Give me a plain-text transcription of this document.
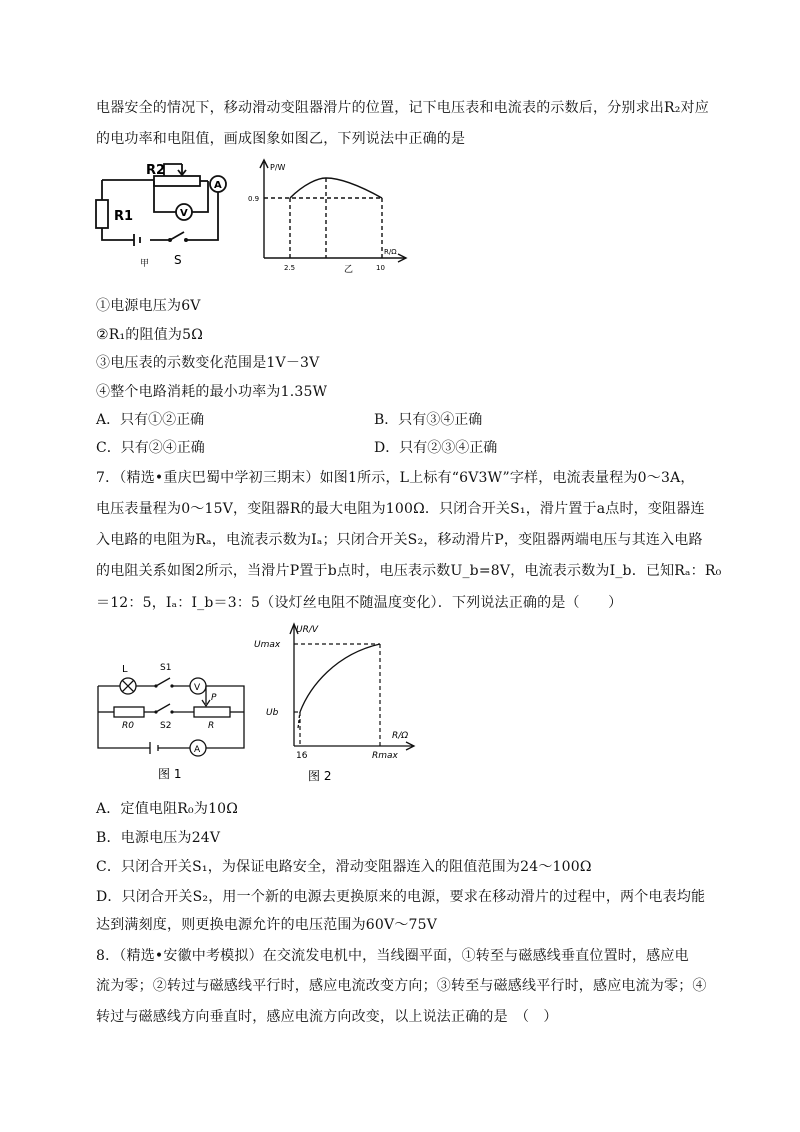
电器安全的情况下，移动滑动变阻器滑片的位置，记下电压表和电流表的示数后，分别求出R₂对应
的电功率和电阻值，画成图象如图乙，下列说法中正确的是
R2
R1
A
V
S
甲
P/W
0.9
R/Ω
2.5	10
乙
①电源电压为6V
②R₁的阻值为5Ω
③电压表的示数变化范围是1V－3V
④整个电路消耗的最小功率为1.35W
A．只有①②正确	B．只有③④正确
C．只有②④正确	D．只有②③④正确
7．（精选•重庆巴蜀中学初三期末）如图1所示，L上标有“6V3W”字样，电流表量程为0～3A，
电压表量程为0～15V，变阻器R的最大电阻为100Ω．只闭合开关S₁，滑片置于a点时，变阻器连
入电路的电阻为Rₐ，电流表示数为Iₐ；只闭合开关S₂，移动滑片P，变阻器两端电压与其连入电路
的电阻关系如图2所示，当滑片P置于b点时，电压表示数U_b=8V，电流表示数为I_b．已知Rₐ：R₀
＝12：5，Iₐ：I_b＝3：5（设灯丝电阻不随温度变化）．下列说法正确的是（　　）
L	S1
S2
V
A
R0	R
P
图 1
UR/V
Umax
Ub
R/Ω
16	Rmax
图 2
A．定值电阻R₀为10Ω
B．电源电压为24V
C．只闭合开关S₁，为保证电路安全，滑动变阻器连入的阻值范围为24～100Ω
D．只闭合开关S₂，用一个新的电源去更换原来的电源，要求在移动滑片的过程中，两个电表均能
达到满刻度，则更换电源允许的电压范围为60V～75V
8．（精选•安徽中考模拟）在交流发电机中，当线圈平面，①转至与磁感线垂直位置时，感应电
流为零；②转过与磁感线平行时，感应电流改变方向；③转至与磁感线平行时，感应电流为零；④
转过与磁感线方向垂直时，感应电流方向改变，以上说法正确的是　（　）
